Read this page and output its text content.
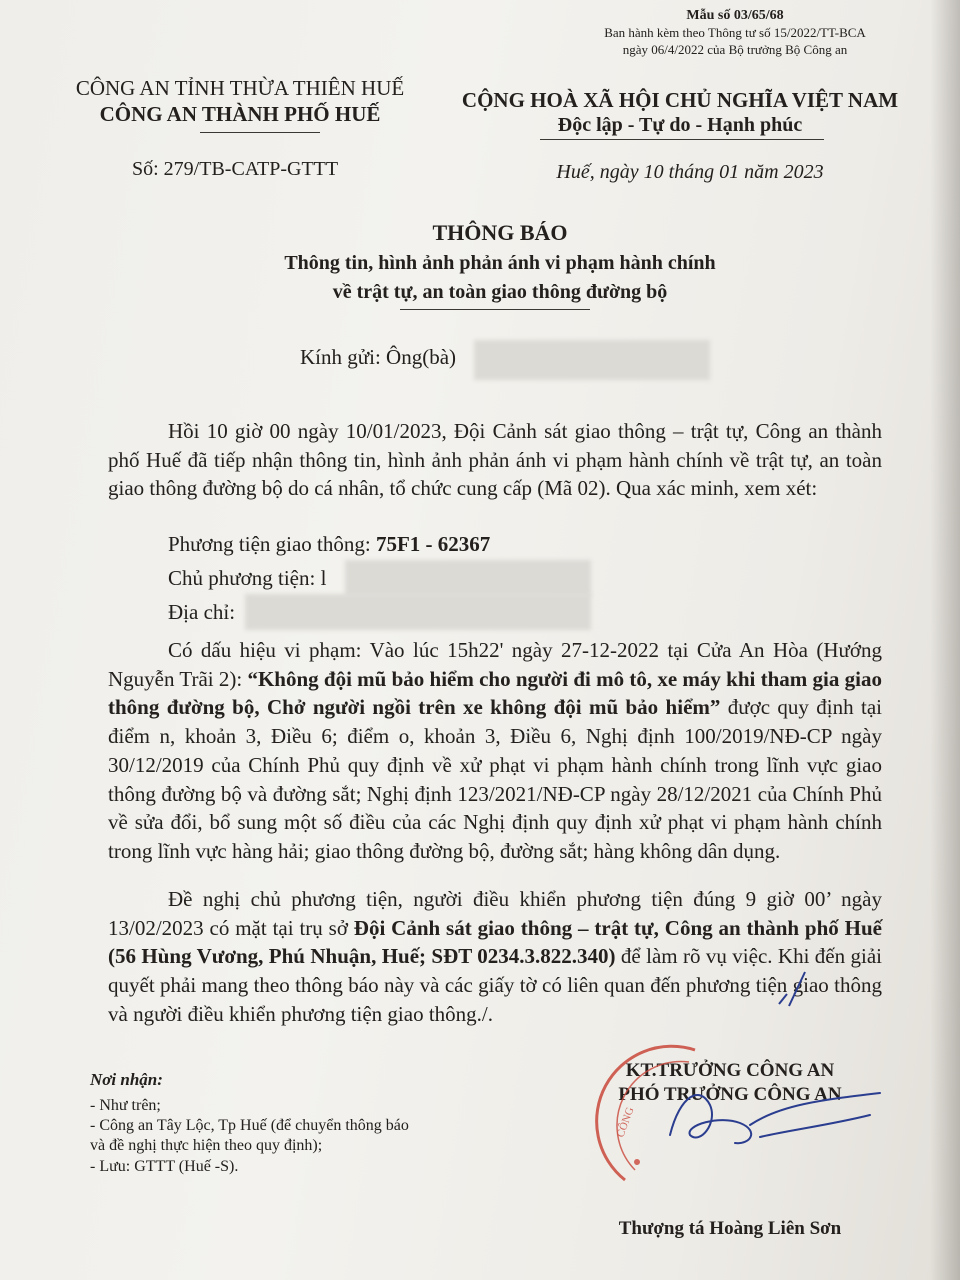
Mẫu số 03/65/68
Ban hành kèm theo Thông tư số 15/2022/TT-BCA
ngày 06/4/2022 của Bộ trưởng Bộ Công an
CÔNG AN TỈNH THỪA THIÊN HUẾ
CÔNG AN THÀNH PHỐ HUẾ
Số: 279/TB-CATP-GTTT
CỘNG HOÀ XÃ HỘI CHỦ NGHĨA VIỆT NAM
Độc lập - Tự do - Hạnh phúc
Huế, ngày 10 tháng 01 năm 2023
THÔNG BÁO
Thông tin, hình ảnh phản ánh vi phạm hành chính
về trật tự, an toàn giao thông đường bộ
Kính gửi: Ông(bà)

Hồi 10 giờ 00 ngày 10/01/2023, Đội Cảnh sát giao thông – trật tự, Công an thành phố Huế đã tiếp nhận thông tin, hình ảnh phản ánh vi phạm hành chính về trật tự, an toàn giao thông đường bộ do cá nhân, tổ chức cung cấp (Mã 02). Qua xác minh, xem xét:

Phương tiện giao thông: 75F1 - 62367
Chủ phương tiện: l
Địa chỉ:

Có dấu hiệu vi phạm: Vào lúc 15h22' ngày 27-12-2022 tại Cửa An Hòa (Hướng Nguyễn Trãi 2): “Không đội mũ bảo hiểm cho người đi mô tô, xe máy khi tham gia giao thông đường bộ, Chở người ngồi trên xe không đội mũ bảo hiểm” được quy định tại điểm n, khoản 3, Điều 6; điểm o, khoản 3, Điều 6, Nghị định 100/2019/NĐ-CP ngày 30/12/2019 của Chính Phủ quy định về xử phạt vi phạm hành chính trong lĩnh vực giao thông đường bộ và đường sắt; Nghị định 123/2021/NĐ-CP ngày 28/12/2021 của Chính Phủ về sửa đổi, bổ sung một số điều của các Nghị định quy định xử phạt vi phạm hành chính trong lĩnh vực hàng hải; giao thông đường bộ, đường sắt; hàng không dân dụng.

Đề nghị chủ phương tiện, người điều khiển phương tiện đúng 9 giờ 00’ ngày 13/02/2023 có mặt tại trụ sở Đội Cảnh sát giao thông – trật tự, Công an thành phố Huế (56 Hùng Vương, Phú Nhuận, Huế; SĐT 0234.3.822.340) để làm rõ vụ việc. Khi đến giải quyết phải mang theo thông báo này và các giấy tờ có liên quan đến phương tiện giao thông và người điều khiển phương tiện giao thông./.

Nơi nhận:
- Như trên;
- Công an Tây Lộc, Tp Huế (để chuyển thông báo
và đề nghị thực hiện theo quy định);
- Lưu: GTTT (Huế -S).
KT.TRƯỞNG CÔNG AN
PHÓ TRƯỞNG CÔNG AN
CÔNG
Thượng tá Hoàng Liên Sơn
